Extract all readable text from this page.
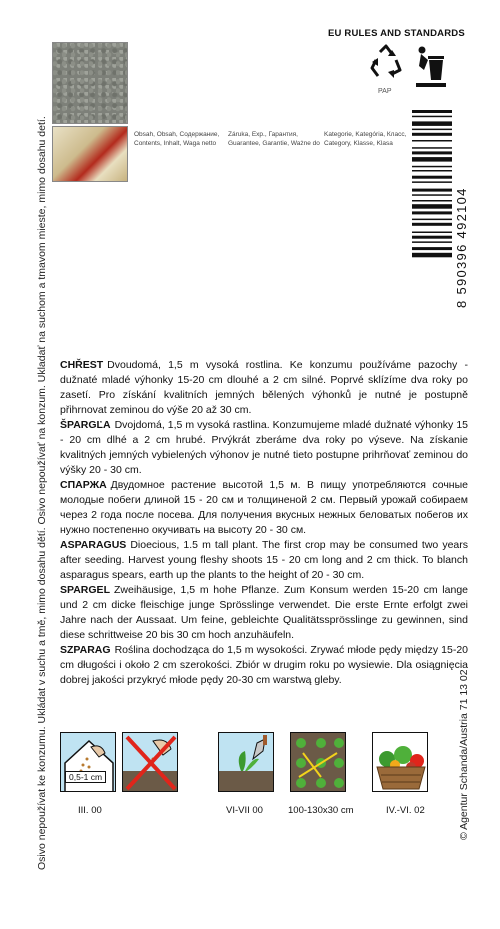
Osivo nepoužívat ke konzumu. Ukládat v suchu a tmě, mimo dosahu dětí. Osivo nepoužívať na konzum. Ukladať na suchom a tmavom mieste, mimo dosahu detí.
EU RULES AND STANDARDS
PAP
Obsah, Obsah, Содержание,
Contents, Inhalt, Waga netto
Záruka, Exp., Гарантия,
Guarantee, Garantie, Ważne do
Kategorie, Kategória, Класс,
Category, Klasse, Klasa
8 590396 492104
© Agentur Schanda/Austria 71 13 02

CHŘEST Dvoudomá, 1,5 m vysoká rostlina. Ke konzumu používáme pazochy - dužnaté mladé výhonky 15-20 cm dlouhé a 2 cm silné. Poprvé sklízíme dva roky po zasetí. Pro získání kvalitních jemných bělených výhonků je nutné je postupně přihrnovat zeminou do výše 20 až 30 cm.

ŠPARGĽA Dvojdomá, 1,5 m vysoká rastlina. Konzumujeme mladé dužnaté výhonky 15 - 20 cm dlhé a 2 cm hrubé. Prvýkrát zberáme dva roky po výseve. Na získanie kvalitných jemných vybielených výhonov je nutné tieto postupne prihrňovať zeminou do výšky 20 - 30 cm.

СПАРЖА Двудомное растение высотой 1,5 м. В пищу употребляются сочные молодые побеги длиной 15 - 20 см и толщиненой 2 см. Первый урожай собираем через 2 года после посева. Для получения вкусных нежных беловатых побегов их нужно постепенно окучивать на высоту 20 - 30 см.

ASPARAGUS Dioecious, 1.5 m tall plant. The first crop may be consumed two years after seeding. Harvest young fleshy shoots 15 - 20 cm long and 2 cm thick. To blanch asparagus spears, earth up the plants to the height of 20 - 30 cm.

SPARGEL Zweihäusige, 1,5 m hohe Pflanze. Zum Konsum werden 15-20 cm lange und 2 cm dicke fleischige junge Sprösslinge verwendet. Die erste Ernte erfolgt zwei Jahre nach der Aussaat. Um feine, gebleichte Qualitätssprösslinge zu gewinnen, sind diese schrittweise 20 bis 30 cm hoch anzuhäufeln.

SZPARAG Roślina dochodząca do 1,5 m wysokości. Zrywać młode pędy między 15-20 cm długości i około 2 cm szerokości. Zbiór w drugim roku po wysiewie. Dla osiągnięcia dobrej jakości przykryć młode pędy 20-30 cm warstwą gleby.

0,5-1 cm
III. 00	VI-VII 00	100-130x30 cm	IV.-VI. 02
